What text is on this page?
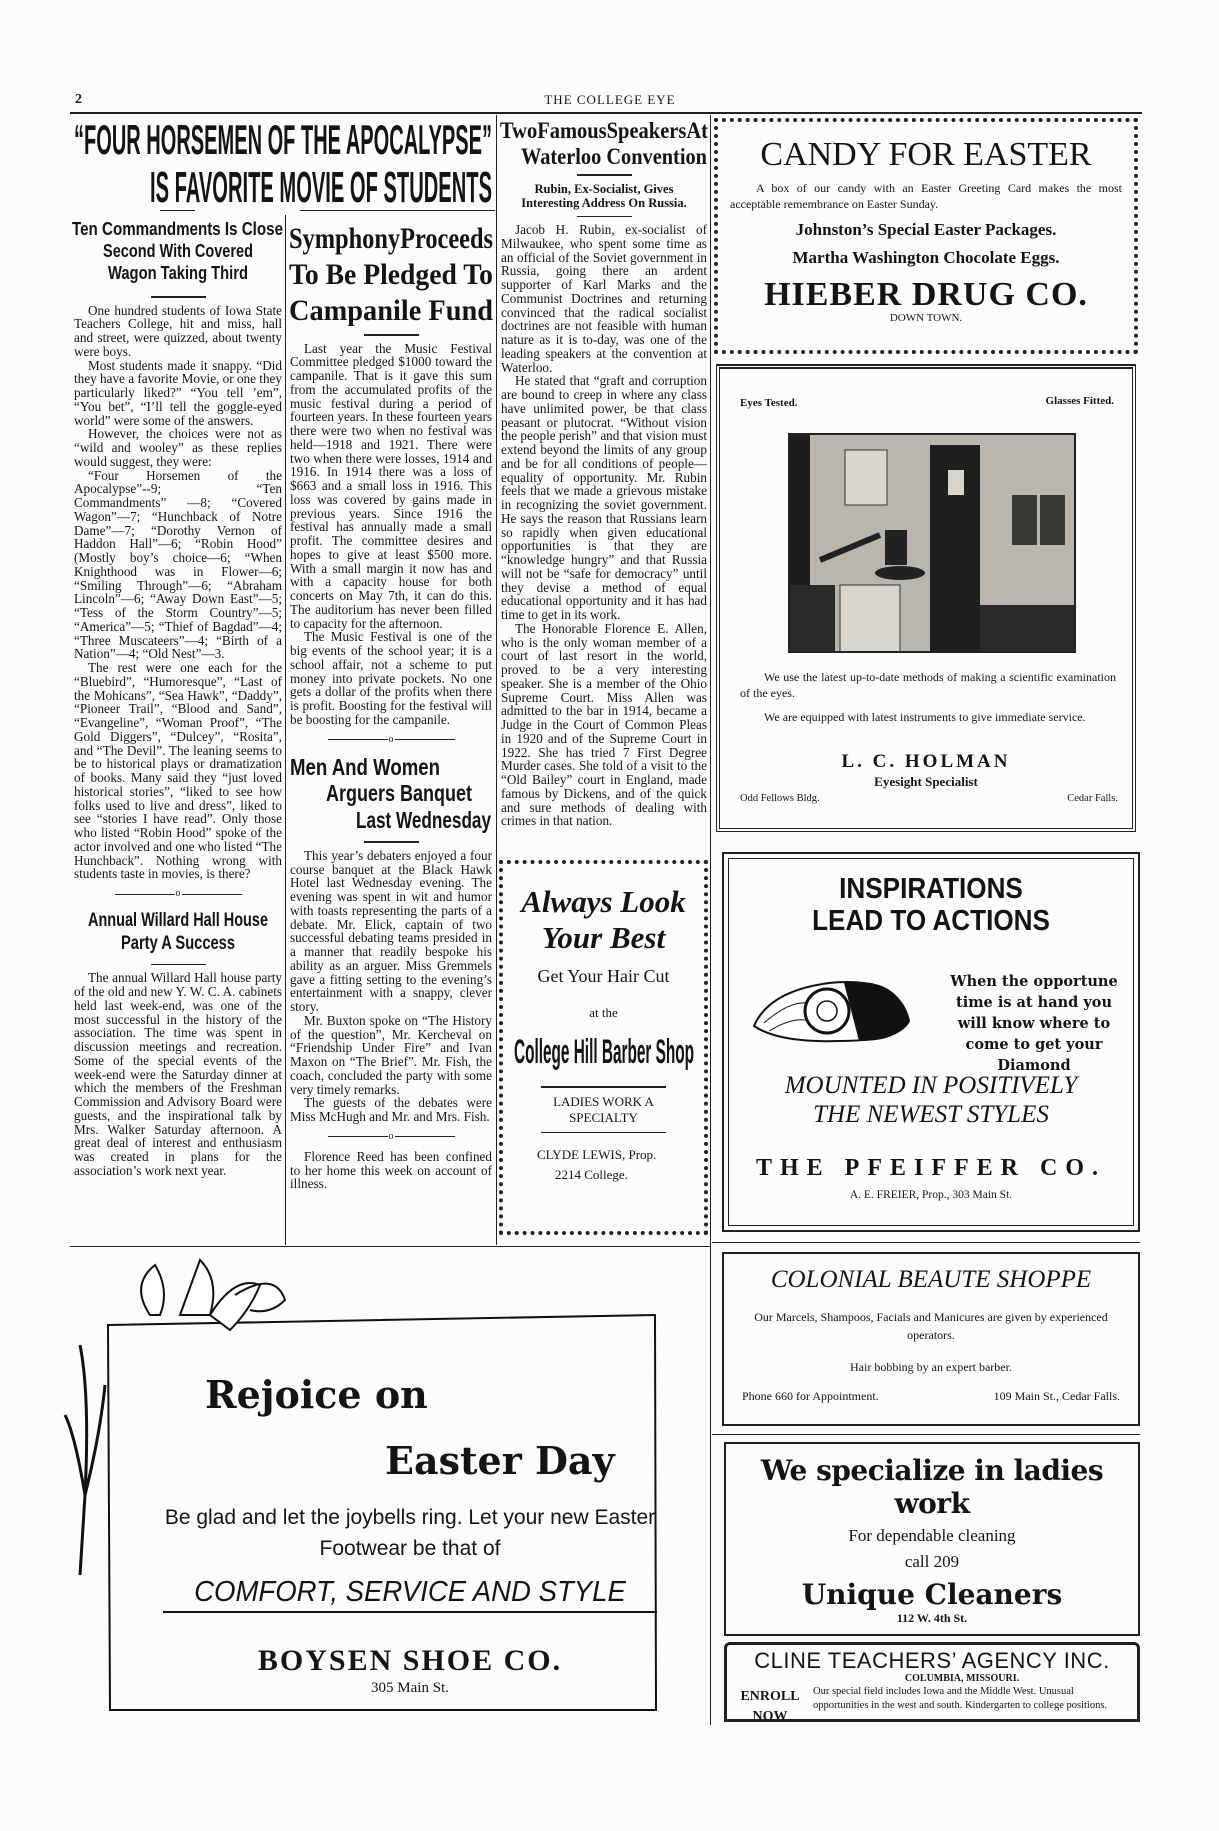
2	THE COLLEGE EYE
“FOUR HORSEMEN OF THE APOCALYPSE”
IS FAVORITE MOVIE OF STUDENTS
Ten Commandments Is Close
Second With Covered
Wagon Taking Third

One hundred students of Iowa State Teachers College, hit and miss, hall and street, were quizzed, about twenty were boys.

Most students made it snappy. “Did they have a favorite Movie, or one they particularly liked?” “You tell ’em”, “You bet”, “I’ll tell the goggle-eyed world” were some of the answers.

However, the choices were not as “wild and wooley” as these replies would suggest, they were:

“Four Horsemen of the Apocalypse”--9; “Ten Commandments” —8; “Covered Wagon”—7; “Hunchback of Notre Dame”—7; “Dorothy Vernon of Haddon Hall”—6; “Robin Hood” (Mostly boy’s choice—6; “When Knighthood was in Flower—6; “Smiling Through”—6; “Abraham Lincoln”—6; “Away Down East”—5; “Tess of the Storm Country”—5; “America”—5; “Thief of Bagdad”—4; “Three Muscateers”—4; “Birth of a Nation”—4; “Old Nest”—3.

The rest were one each for the “Bluebird”, “Humoresque”, “Last of the Mohicans”, “Sea Hawk”, “Daddy”, “Pioneer Trail”, “Blood and Sand”, “Evangeline”, “Woman Proof”, “The Gold Diggers”, “Dulcey”, “Rosita”, and “The Devil”. The leaning seems to be to historical plays or dramatization of books. Many said they “just loved historical stories”, “liked to see how folks used to live and dress”, liked to see “stories I have read”. Only those who listed “Robin Hood” spoke of the actor involved and one who listed “The Hunchback”. Nothing wrong with students taste in movies, is there?

o
Annual Willard Hall House
Party A Success

The annual Willard Hall house party of the old and new Y. W. C. A. cabinets held last week-end, was one of the most successful in the history of the association. The time was spent in discussion meetings and recreation. Some of the special events of the week-end were the Saturday dinner at which the members of the Freshman Commission and Advisory Board were guests, and the inspirational talk by Mrs. Walker Saturday afternoon. A great deal of interest and enthusiasm was created in plans for the association’s work next year.

SymphonyProceeds
To Be Pledged To
Campanile Fund

Last year the Music Festival Committee pledged $1000 toward the campanile. That is it gave this sum from the accumulated profits of the music festival during a period of fourteen years. In these fourteen years there were two when no festival was held—1918 and 1921. There were two when there were losses, 1914 and 1916. In 1914 there was a loss of $663 and a small loss in 1916. This loss was covered by gains made in previous years. Since 1916 the festival has annually made a small profit. The committee desires and hopes to give at least $500 more. With a small margin it now has and with a capacity house for both concerts on May 7th, it can do this. The auditorium has never been filled to capacity for the afternoon.

The Music Festival is one of the big events of the school year; it is a school affair, not a scheme to put money into private pockets. No one gets a dollar of the profits when there is profit. Boosting for the festival will be boosting for the campanile.

o
Men And Women
Arguers Banquet
Last Wednesday

This year’s debaters enjoyed a four course banquet at the Black Hawk Hotel last Wednesday evening. The evening was spent in wit and humor with toasts representing the parts of a debate. Mr. Elick, captain of two successful debating teams presided in a manner that readily bespoke his ability as an arguer. Miss Gremmels gave a fitting setting to the evening’s entertainment with a snappy, clever story.

Mr. Buxton spoke on “The History of the question”, Mr. Kercheval on “Friendship Under Fire” and Ivan Maxon on “The Brief”. Mr. Fish, the coach, concluded the party with some very timely remarks.

The guests of the debates were Miss McHugh and Mr. and Mrs. Fish.

o

Florence Reed has been confined to her home this week on account of illness.

TwoFamousSpeakersAt
Waterloo Convention
Rubin, Ex-Socialist, Gives Interesting Address On Russia.

Jacob H. Rubin, ex-socialist of Milwaukee, who spent some time as an official of the Soviet government in Russia, going there an ardent supporter of Karl Marks and the Communist Doctrines and returning convinced that the radical socialist doctrines are not feasible with human nature as it is to-day, was one of the leading speakers at the convention at Waterloo.

He stated that “graft and corruption are bound to creep in where any class have unlimited power, be that class peasant or plutocrat. “Without vision the people perish” and that vision must extend beyond the limits of any group and be for all conditions of people—equality of opportunity. Mr. Rubin feels that we made a grievous mistake in recognizing the soviet government. He says the reason that Russians learn so rapidly when given educational opportunities is that they are “knowledge hungry” and that Russia will not be “safe for democracy” until they devise a method of equal educational opportunity and it has had time to get in its work.

The Honorable Florence E. Allen, who is the only woman member of a court of last resort in the world, proved to be a very interesting speaker. She is a member of the Ohio Supreme Court. Miss Allen was admitted to the bar in 1914, became a Judge in the Court of Common Pleas in 1920 and of the Supreme Court in 1922. She has tried 7 First Degree Murder cases. She told of a visit to the “Old Bailey” court in England, made famous by Dickens, and of the quick and sure methods of dealing with crimes in that nation.

Always Look
Your Best
Get Your Hair Cut
at the
College Hill Barber Shop
LADIES WORK A
SPECIALTY
CLYDE LEWIS, Prop.
2214 College.
CANDY FOR EASTER
A box of our candy with an Easter Greeting Card makes the most acceptable remembrance on Easter Sunday.
Johnston’s Special Easter Packages.
Martha Washington Chocolate Eggs.
HIEBER DRUG CO.
DOWN TOWN.
Eyes Tested.	Glasses Fitted.
We use the latest up-to-date methods of making a scientific examination of the eyes.
We are equipped with latest instruments to give immediate service.
L. C. HOLMAN
Eyesight Specialist
Odd Fellows Bldg.	Cedar Falls.
INSPIRATIONS
LEAD TO ACTIONS
When the opportune time is at hand you will know where to come to get your Diamond
MOUNTED IN POSITIVELY
THE NEWEST STYLES
THE PFEIFFER CO.
A. E. FREIER, Prop., 303 Main St.
COLONIAL BEAUTE SHOPPE
Our Marcels, Shampoos, Facials and Manicures are given by experienced operators.
Hair bobbing by an expert barber.
Phone 660 for Appointment.	109 Main St., Cedar Falls.
We specialize in ladies work
For dependable cleaning
call 209
Unique Cleaners
112 W. 4th St.
CLINE TEACHERS’ AGENCY INC.
COLUMBIA, MISSOURI.
ENROLL
NOW
Our special field includes Iowa and the Middle West. Unusual opportunities in the west and south. Kindergarten to college positions.
Rejoice on
Easter Day
Be glad and let the joybells ring. Let your new Easter Footwear be that of
COMFORT, SERVICE AND STYLE
BOYSEN SHOE CO.
305 Main St.
